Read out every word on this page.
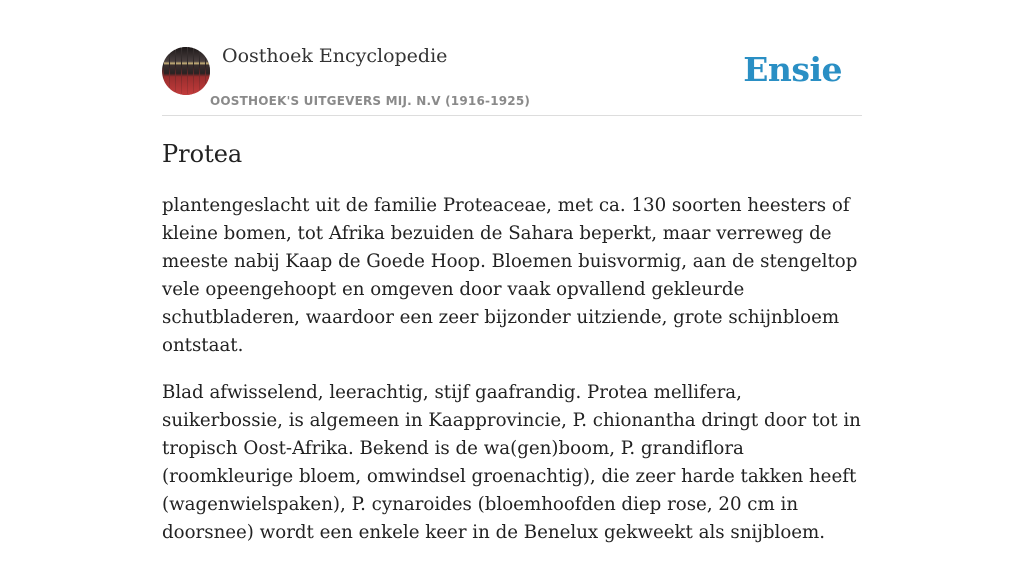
Oosthoek Encyclopedie
OOSTHOEK'S UITGEVERS MIJ. N.V (1916-1925)
Ensie
Protea

plantengeslacht uit de familie Proteaceae, met ca. 130 soorten heesters of kleine bomen, tot Afrika bezuiden de Sahara beperkt, maar verreweg de meeste nabij Kaap de Goede Hoop. Bloemen buisvormig, aan de stengeltop vele opeengehoopt en omgeven door vaak opvallend gekleurde schutbladeren, waardoor een zeer bijzonder uitziende, grote schijnbloem ontstaat.

Blad afwisselend, leerachtig, stijf gaafrandig. Protea mellifera, suikerbossie, is algemeen in Kaapprovincie, P. chionantha dringt door tot in tropisch Oost-Afrika. Bekend is de wa(gen)boom, P. grandiflora (roomkleurige bloem, omwindsel groenachtig), die zeer harde takken heeft (wagenwielspaken), P. cynaroides (bloemhoofden diep rose, 20 cm in doorsnee) wordt een enkele keer in de Benelux gekweekt als snijbloem.
